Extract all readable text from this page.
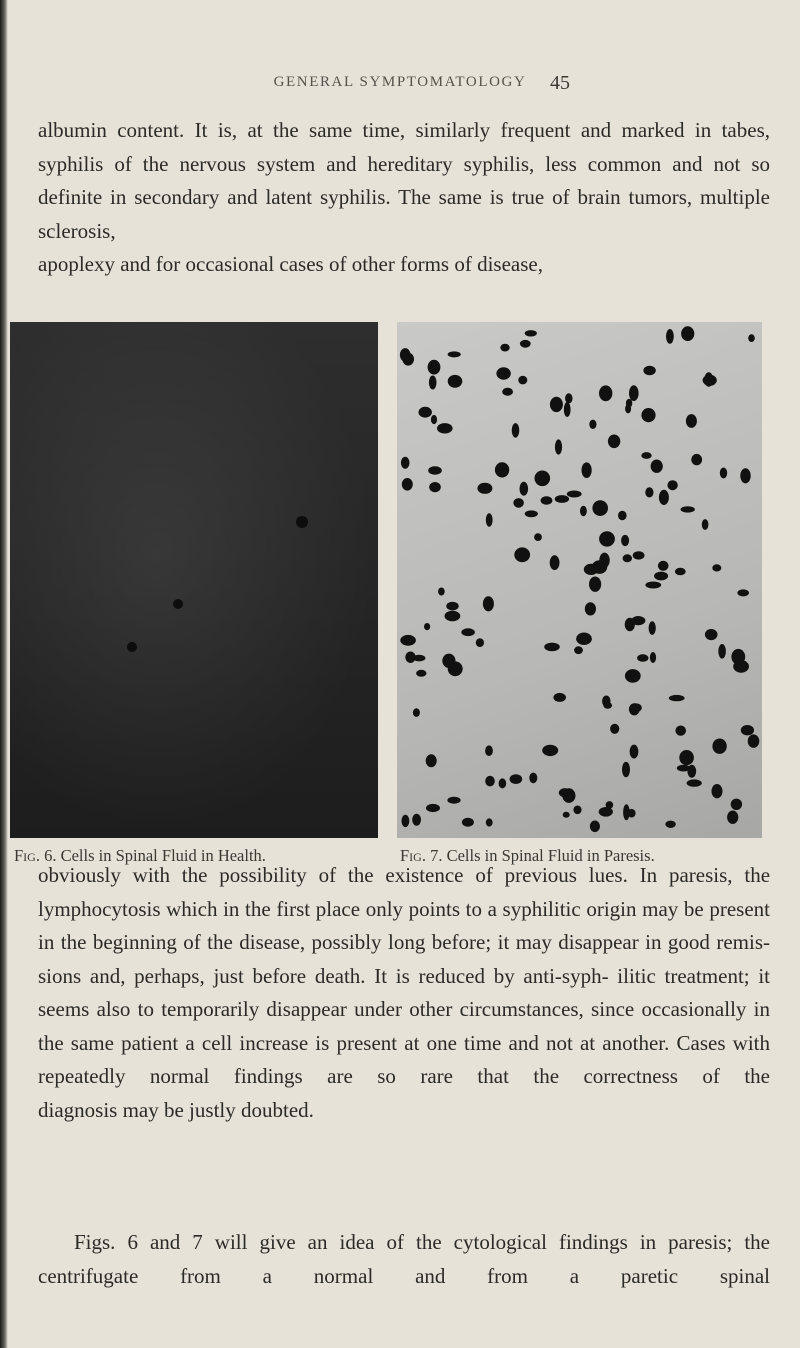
GENERAL SYMPTOMATOLOGY	45

albumin content. It is, at the same time, similarly frequent and marked in tabes, syphilis of the nervous system and hereditary syphilis, less common and not so definite in secondary and latent syphilis. The same is true of brain tumors, multiple sclerosis,
apoplexy and for occasional cases of other forms of disease,

Fig. 6. Cells in Spinal Fluid in Health.	Fig. 7. Cells in Spinal Fluid in Paresis.

obviously with the possibility of the existence of previous lues. In paresis, the lymphocytosis which in the first place only points to a syphilitic origin may be present in the beginning of the disease, possibly long before; it may disappear in good remis- sions and, perhaps, just before death. It is reduced by anti-syph- ilitic treatment; it seems also to temporarily disappear under other circumstances, since occasionally in the same patient a cell increase is present at one time and not at another. Cases with repeatedly normal findings are so rare that the correctness of the
diagnosis may be justly doubted.

Figs. 6 and 7 will give an idea of the cytological findings in paresis; the centrifugate from a normal and from a paretic spinal
